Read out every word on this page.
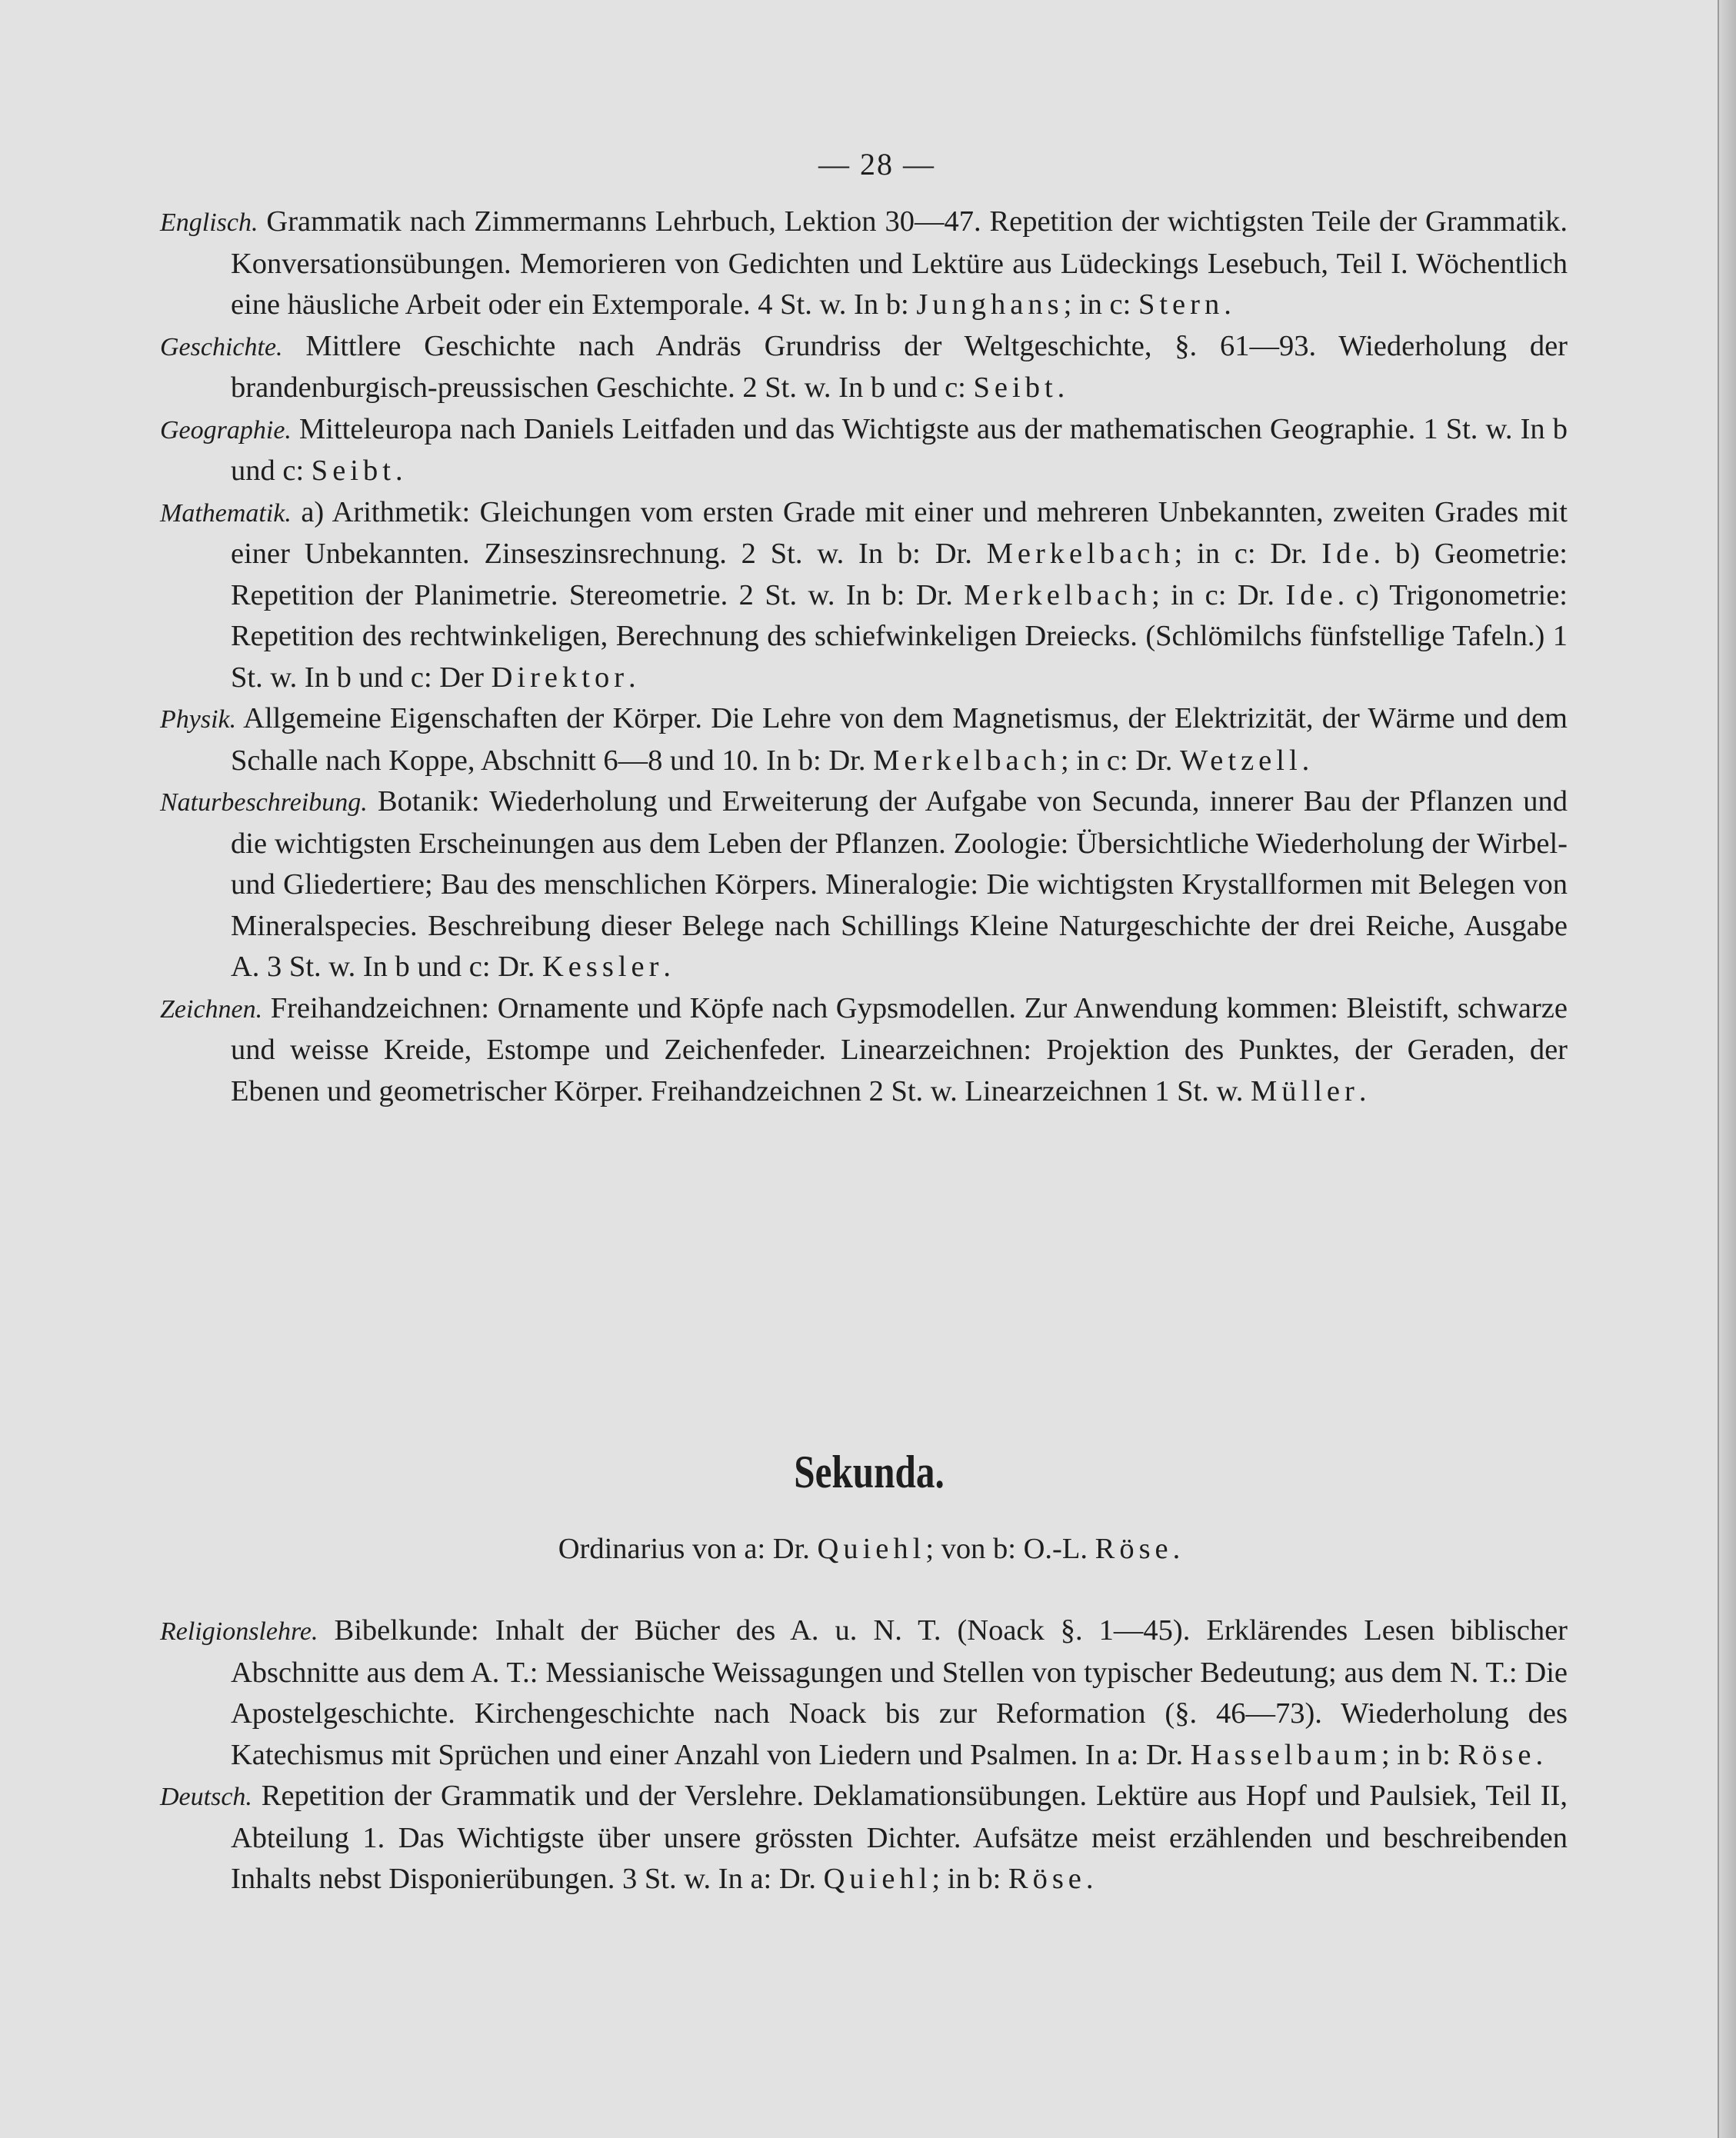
— 28 —

Englisch. Grammatik nach Zimmermanns Lehrbuch, Lektion 30—47. Repetition der wichtigsten Teile der Grammatik. Konversationsübungen. Memorieren von Gedichten und Lektüre aus Lüdeckings Lesebuch, Teil I. Wöchentlich eine häusliche Arbeit oder ein Extemporale. 4 St. w. In b: Junghans; in c: Stern.

Geschichte. Mittlere Geschichte nach Andräs Grundriss der Weltgeschichte, §. 61—93. Wiederholung der brandenburgisch-preussischen Geschichte. 2 St. w. In b und c: Seibt.

Geographie. Mitteleuropa nach Daniels Leitfaden und das Wichtigste aus der mathematischen Geographie. 1 St. w. In b und c: Seibt.

Mathematik. a) Arithmetik: Gleichungen vom ersten Grade mit einer und mehreren Unbekannten, zweiten Grades mit einer Unbekannten. Zinseszinsrechnung. 2 St. w. In b: Dr. Merkelbach; in c: Dr. Ide. b) Geometrie: Repetition der Planimetrie. Stereometrie. 2 St. w. In b: Dr. Merkelbach; in c: Dr. Ide. c) Trigonometrie: Repetition des rechtwinkeligen, Berechnung des schiefwinkeligen Dreiecks. (Schlömilchs fünfstellige Tafeln.) 1 St. w. In b und c: Der Direktor.

Physik. Allgemeine Eigenschaften der Körper. Die Lehre von dem Magnetismus, der Elektrizität, der Wärme und dem Schalle nach Koppe, Abschnitt 6—8 und 10. In b: Dr. Merkelbach; in c: Dr. Wetzell.

Naturbeschreibung. Botanik: Wiederholung und Erweiterung der Aufgabe von Secunda, innerer Bau der Pflanzen und die wichtigsten Erscheinungen aus dem Leben der Pflanzen. Zoologie: Übersichtliche Wiederholung der Wirbel- und Gliedertiere; Bau des menschlichen Körpers. Mineralogie: Die wichtigsten Krystallformen mit Belegen von Mineralspecies. Beschreibung dieser Belege nach Schillings Kleine Naturgeschichte der drei Reiche, Ausgabe A. 3 St. w. In b und c: Dr. Kessler.

Zeichnen. Freihandzeichnen: Ornamente und Köpfe nach Gypsmodellen. Zur Anwendung kommen: Bleistift, schwarze und weisse Kreide, Estompe und Zeichenfeder. Linearzeichnen: Projektion des Punktes, der Geraden, der Ebenen und geometrischer Körper. Freihandzeichnen 2 St. w. Linearzeichnen 1 St. w. Müller.

Sekunda.

Ordinarius von a: Dr. Quiehl; von b: O.-L. Röse.

Religionslehre. Bibelkunde: Inhalt der Bücher des A. u. N. T. (Noack §. 1—45). Erklärendes Lesen biblischer Abschnitte aus dem A. T.: Messianische Weissagungen und Stellen von typischer Bedeutung; aus dem N. T.: Die Apostelgeschichte. Kirchengeschichte nach Noack bis zur Reformation (§. 46—73). Wiederholung des Katechismus mit Sprüchen und einer Anzahl von Liedern und Psalmen. In a: Dr. Hasselbaum; in b: Röse.

Deutsch. Repetition der Grammatik und der Verslehre. Deklamationsübungen. Lektüre aus Hopf und Paulsiek, Teil II, Abteilung 1. Das Wichtigste über unsere grössten Dichter. Aufsätze meist erzählenden und beschreibenden Inhalts nebst Disponierübungen. 3 St. w. In a: Dr. Quiehl; in b: Röse.
